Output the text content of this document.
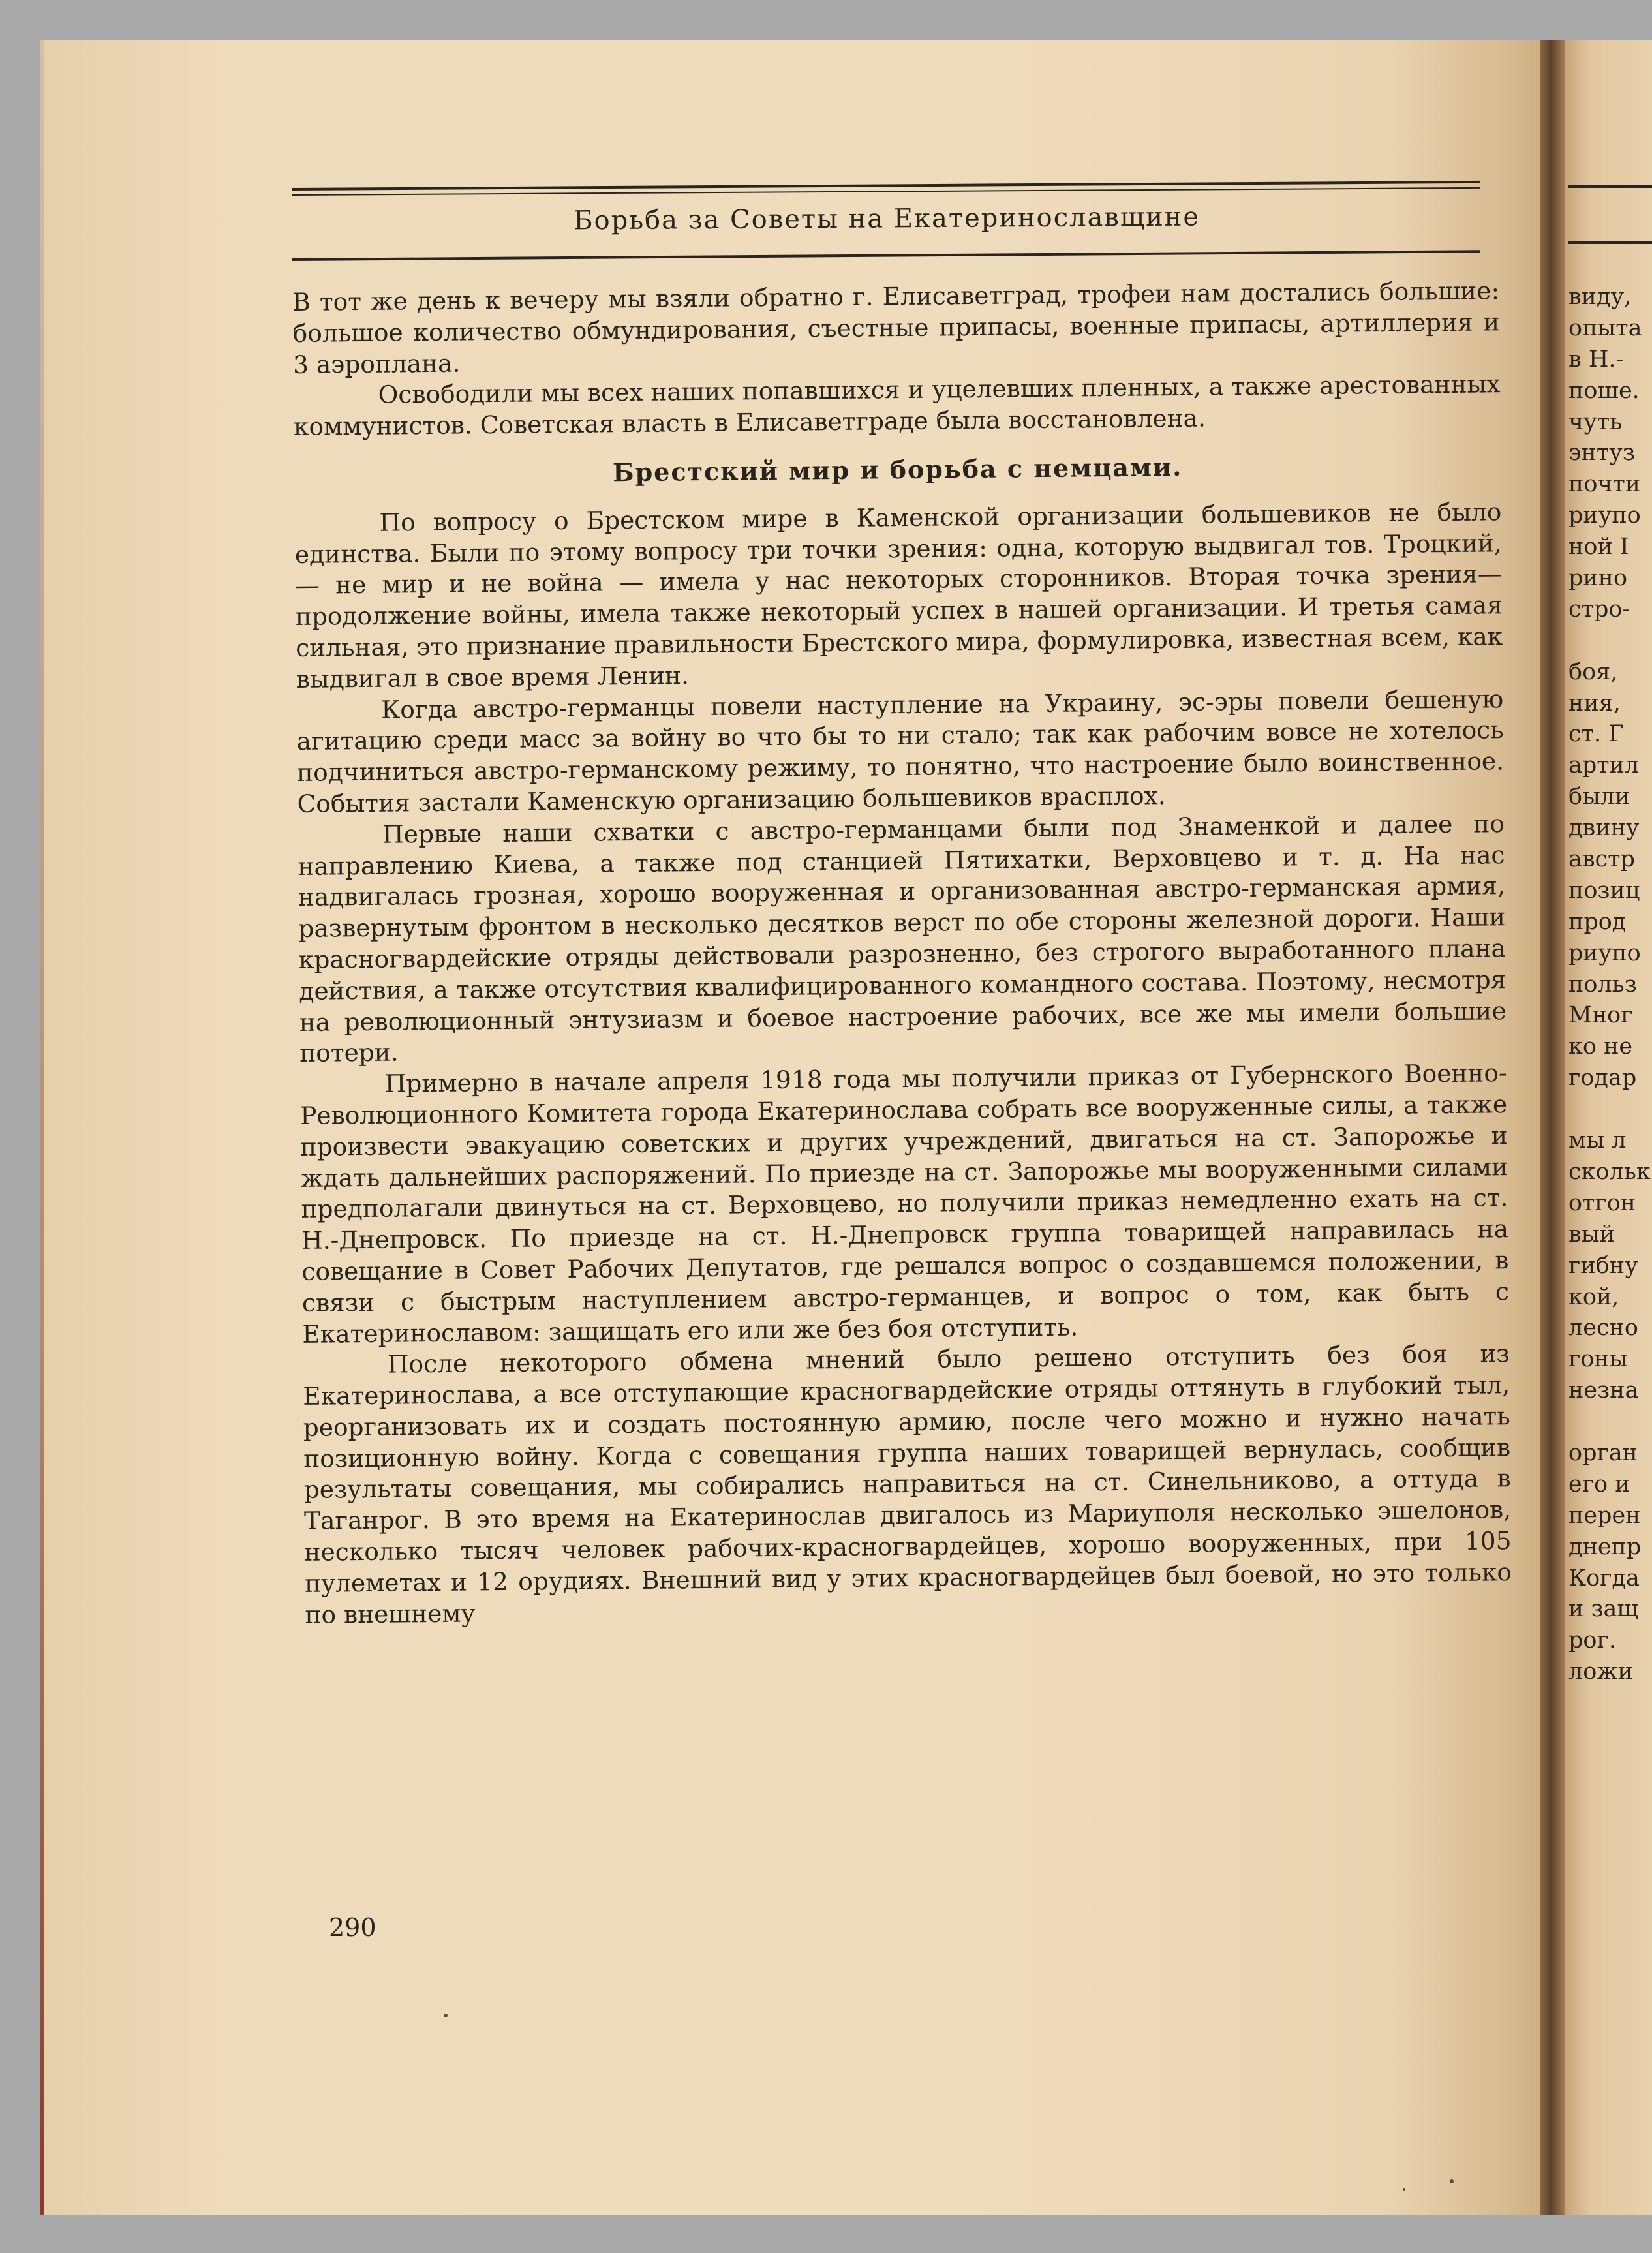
Борьба за Советы на Екатеринославщине

В тот же день к вечеру мы взяли обратно г. Елисаветград, трофеи нам достались большие: большое количество обмундирования, съестные припасы, военные припасы, артиллерия и 3 аэроплана.

Освободили мы всех наших попавшихся и уцелевших пленных, а также арестованных коммунистов. Советская власть в Елисаветграде была восстановлена.

Брестский мир и борьба с немцами.

По вопросу о Брестском мире в Каменской организации большевиков не было единства. Были по этому вопросу три точки зрения: одна, которую выдвигал тов. Троцкий, — не мир и не война — имела у нас некоторых сторонников. Вторая точка зрения—продолжение войны, имела также некоторый успех в нашей организации. И третья самая сильная, это признание правильности Брестского мира, формулировка, известная всем, как выдвигал в свое время Ленин.

Когда австро-германцы повели наступление на Украину, эс-эры повели бешеную агитацию среди масс за войну во что бы то ни стало; так как рабочим вовсе не хотелось подчиниться австро-германскому режиму, то понятно, что настроение было воинственное. События застали Каменскую организацию большевиков врасплох.

Первые наши схватки с австро-германцами были под Знаменкой и далее по направлению Киева, а также под станцией Пятихатки, Верховцево и т. д. На нас надвигалась грозная, хорошо вооруженная и организованная австро-германская армия, развернутым фронтом в несколько десятков верст по обе стороны железной дороги. Наши красногвардейские отряды действовали разрозненно, без строгого выработанного плана действия, а также отсутствия квалифицированного командного состава. Поэтому, несмотря на революционный энтузиазм и боевое настроение рабочих, все же мы имели большие потери.

Примерно в начале апреля 1918 года мы получили приказ от Губернского Военно-Революционного Комитета города Екатеринослава собрать все вооруженные силы, а также произвести эвакуацию советских и других учреждений, двигаться на ст. Запорожье и ждать дальнейших распоряжений. По приезде на ст. Запорожье мы вооруженными силами предполагали двинуться на ст. Верховцево, но получили приказ немедленно ехать на ст. Н.-Днепровск. По приезде на ст. Н.-Днепровск группа товарищей направилась на совещание в Совет Рабочих Депутатов, где решался вопрос о создавшемся положении, в связи с быстрым наступлением австро-германцев, и вопрос о том, как быть с Екатеринославом: защищать его или же без боя отступить.

После некоторого обмена мнений было решено отступить без боя из Екатеринослава, а все отступающие красногвардейские отряды оттянуть в глубокий тыл, реорганизовать их и создать постоянную армию, после чего можно и нужно начать позиционную войну. Когда с совещания группа наших товарищей вернулась, сообщив результаты совещания, мы собирались направиться на ст. Синельниково, а оттуда в Таганрог. В это время на Екатеринослав двигалось из Мариуполя несколько эшелонов, несколько тысяч человек рабочих-красногвардейцев, хорошо вооруженных, при 105 пулеметах и 12 орудиях. Внешний вид у этих красногвардейцев был боевой, но это только по внешнему

290
виду,
опыта
в Н.-
поше.
чуть
энтуз
почти
риупо
ной I
рино
стро-
боя,
ния,
ст. Г
артил
были
двину
австр
позиц
прод
риупо
польз
Мног
ко не
годар
мы л
скольк
отгон
вый
гибну
кой,
лесно
гоны
незна
орган
его и
перен
днепр
Когда
и защ
рог.
ложи
